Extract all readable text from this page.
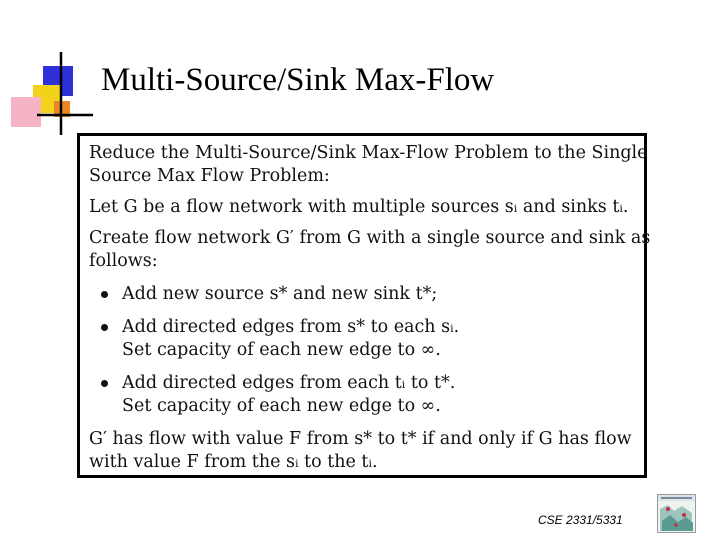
Multi-Source/Sink Max-Flow
Reduce the Multi-Source/Sink Max-Flow Problem to the Single
Source Max Flow Problem:
Let G be a flow network with multiple sources sᵢ and sinks tᵢ.
Create flow network G′ from G with a single source and sink as
follows:
Add new source s* and new sink t*;
Add directed edges from s* to each sᵢ.
Set capacity of each new edge to ∞.
Add directed edges from each tᵢ to t*.
Set capacity of each new edge to ∞.
G′ has flow with value F from s* to t* if and only if G has flow
with value F from the sᵢ to the tᵢ.
CSE 2331/5331
